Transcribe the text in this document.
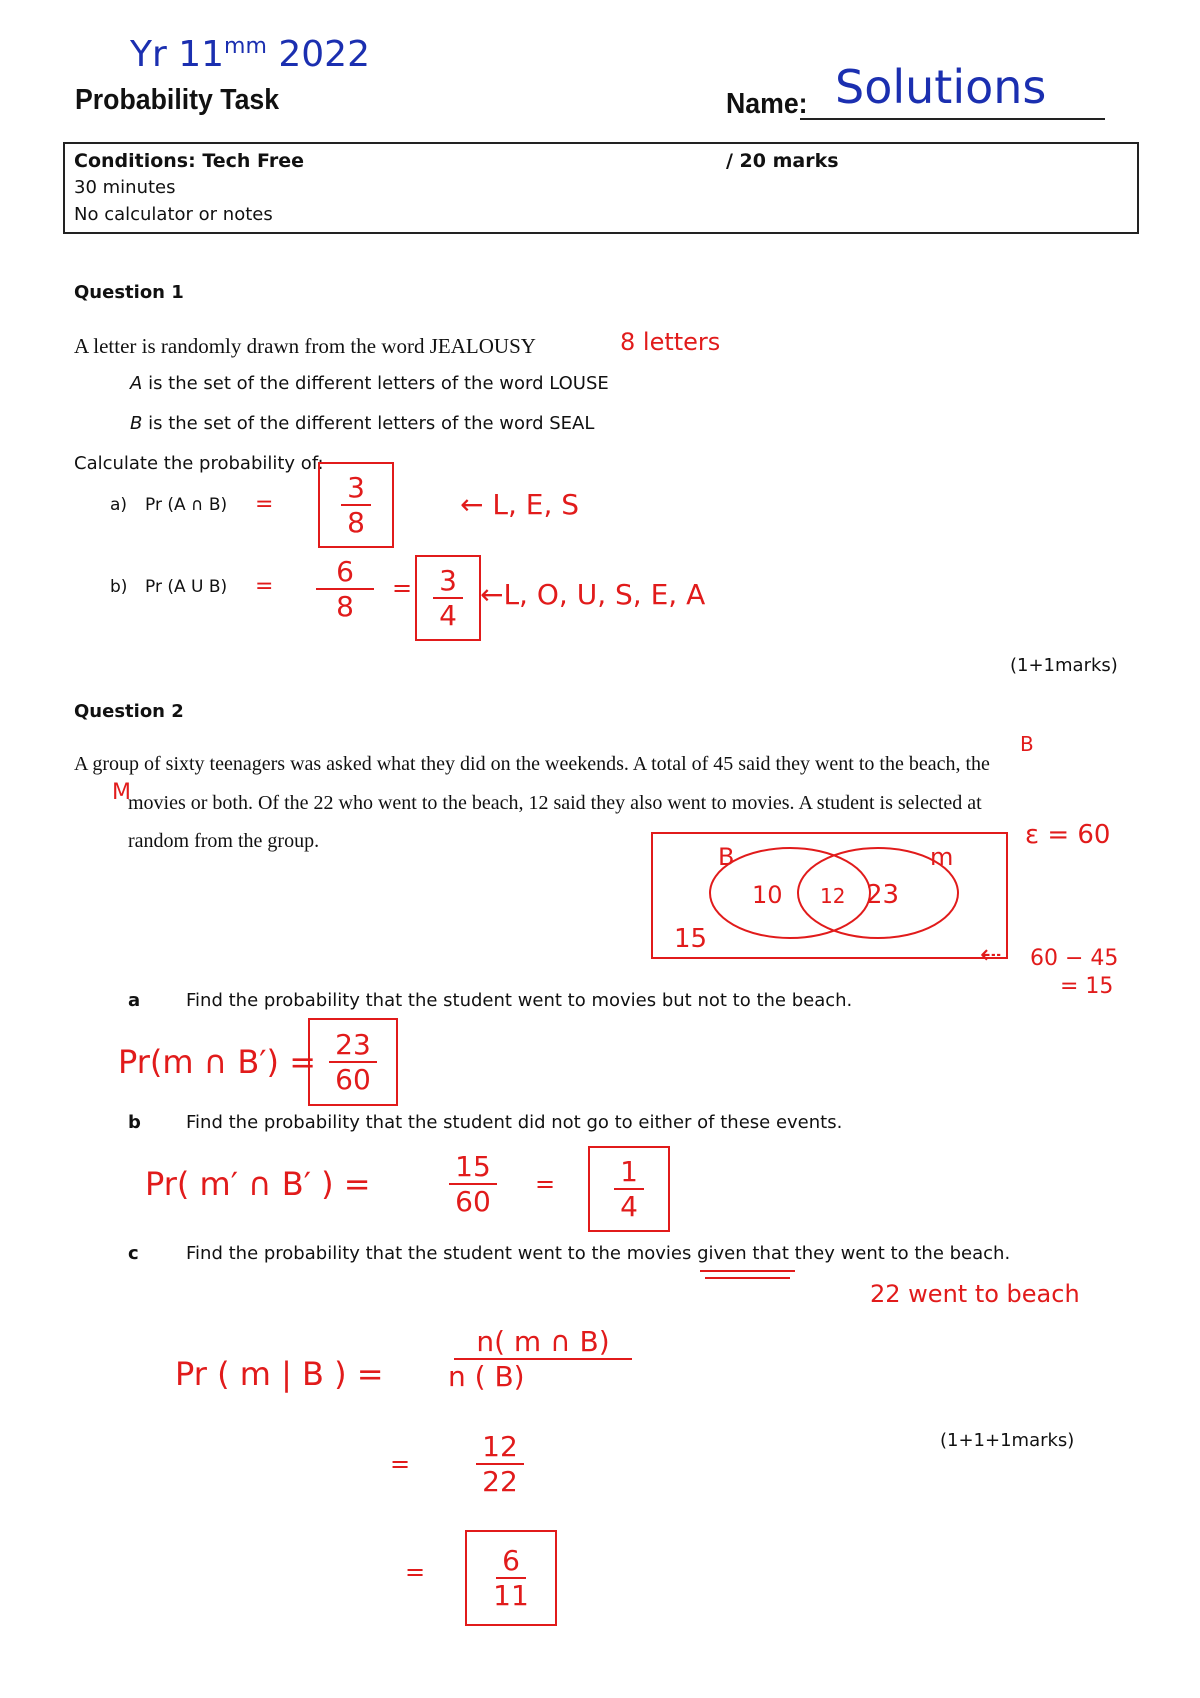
Yr $11^{mm}$ 2022
Probability Task	Name: Solutions
Conditions: Tech Free
30 minutes
No calculator or notes
/ 20 marks
Question 1
A letter is randomly drawn from the word JEALOUSY	8 letters
A is the set of the different letters of the word LOUSE
B is the set of the different letters of the word SEAL
Calculate the probability of:
a) Pr (A ∩ $B) = \frac{3}{8}$ ← L, E, S
b) Pr (A U $B) = \frac{6}{8} = \frac{3}{4}$ ←L, O, U, S, E, A
(1+1marks)
Question 2
B
A group of sixty teenagers was asked what they did on the weekends. A total of 45 said they went to the beach, the
M
movies or both. Of the 22 who went to the beach, 12 said they also went to movies. A student is selected at
random from the group.
B	m
10 12 23
15
ε = 60
60 − 45
= 15
⇠
a	Find the probability that the student went to movies but not to the beach.
Pr(m ∩ B′) =
$\frac{23}{60}$
b	Find the probability that the student did not go to either of these events.
Pr( m′ ∩ B′ ) = $\frac{15}{60} = \frac{1}{4}$
c	Find the probability that the student went to the movies given that they went to the beach.
22 went to beach
Pr ( m | B ) = $\frac{n( m \cap B)}{n ( B)}$
= $\frac{12}{22}$
= $\frac{6}{11}$
(1+1+1marks)
